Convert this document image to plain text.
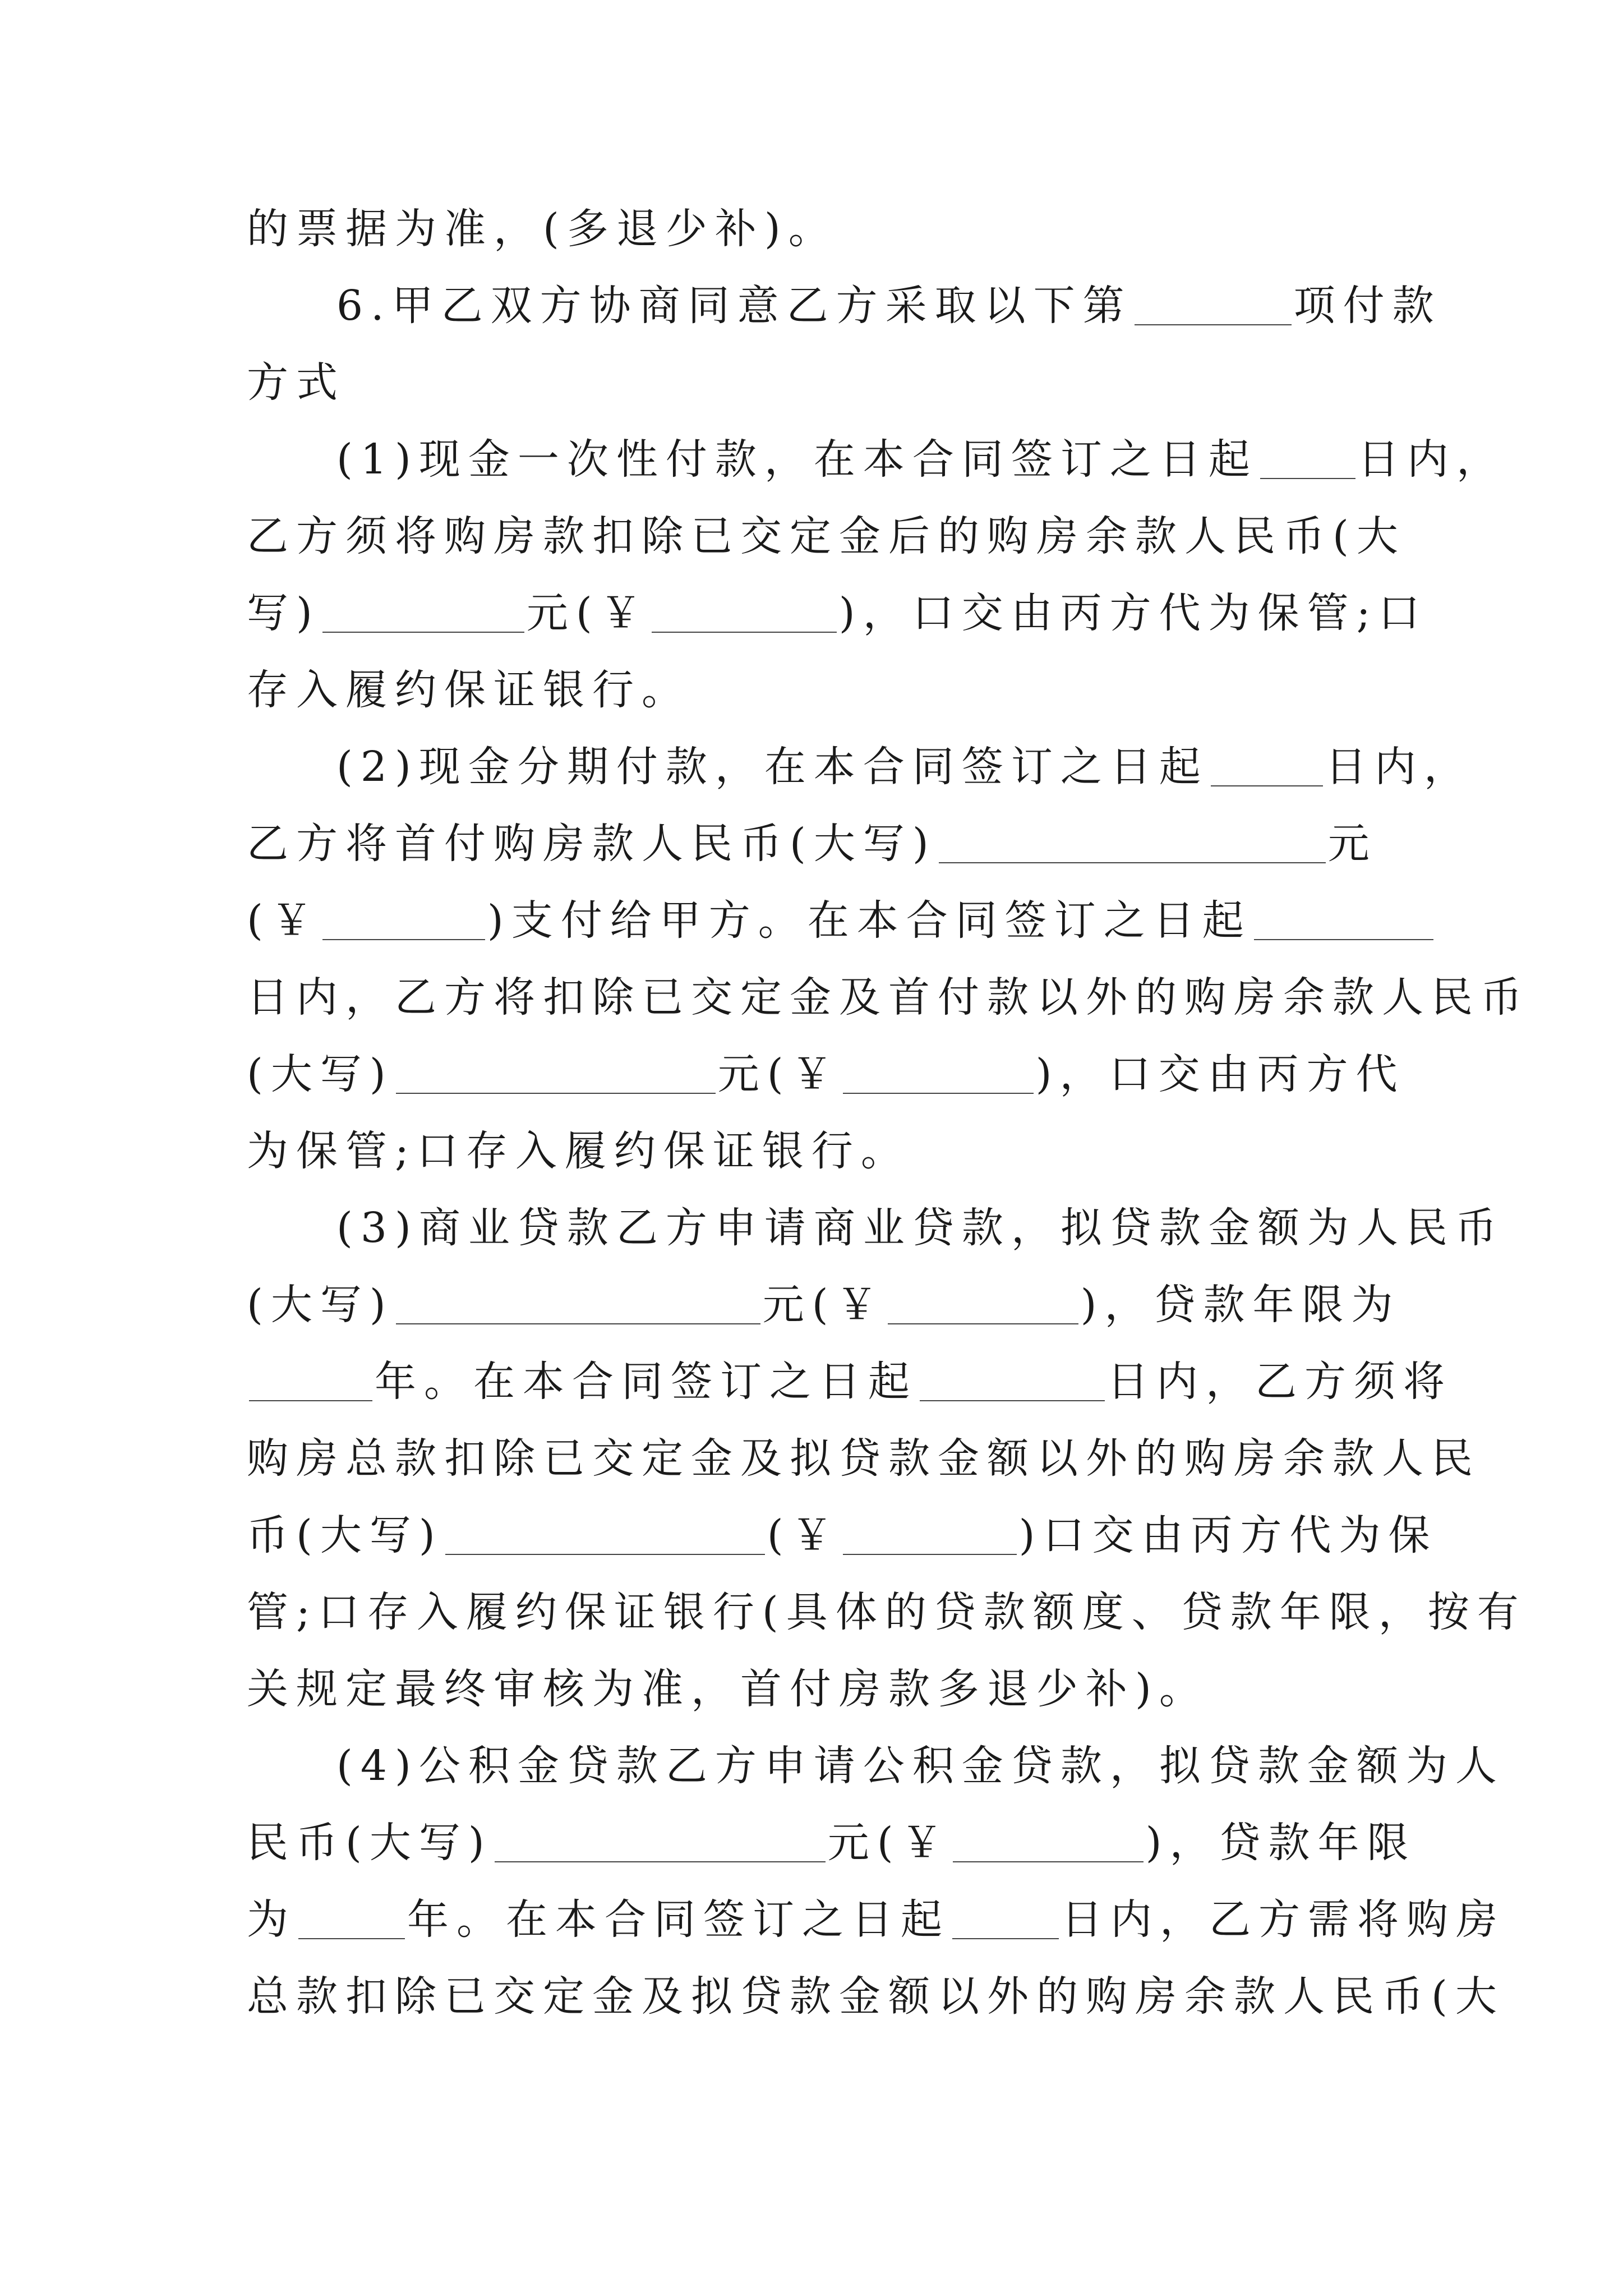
的票据为准，(多退少补)。
6.甲乙双方协商同意乙方采取以下第	项付款
方式
(1)现金一次性付款，在本合同签订之日起 日内，
乙方须将购房款扣除已交定金后的购房余款人民币(大
写)	元(￥	)，口交由丙方代为保管;口
存入履约保证银行。
(2)现金分期付款，在本合同签订之日起	日内，
乙方将首付购房款人民币(大写)	元
(￥	)支付给甲方。在本合同签订之日起
日内，乙方将扣除已交定金及首付款以外的购房余款人民币
(大写)	元(￥	)，口交由丙方代
为保管;口存入履约保证银行。
(3)商业贷款乙方申请商业贷款，拟贷款金额为人民币
(大写)	元(￥	)，贷款年限为
年。在本合同签订之日起	日内，乙方须将
购房总款扣除已交定金及拟贷款金额以外的购房余款人民
币(大写)	(￥	)口交由丙方代为保
管;口存入履约保证银行(具体的贷款额度、贷款年限，按有
关规定最终审核为准，首付房款多退少补)。
(4)公积金贷款乙方申请公积金贷款，拟贷款金额为人
民币(大写)	元(￥	)，贷款年限
为	年。在本合同签订之日起	日内，乙方需将购房
总款扣除已交定金及拟贷款金额以外的购房余款人民币(大
